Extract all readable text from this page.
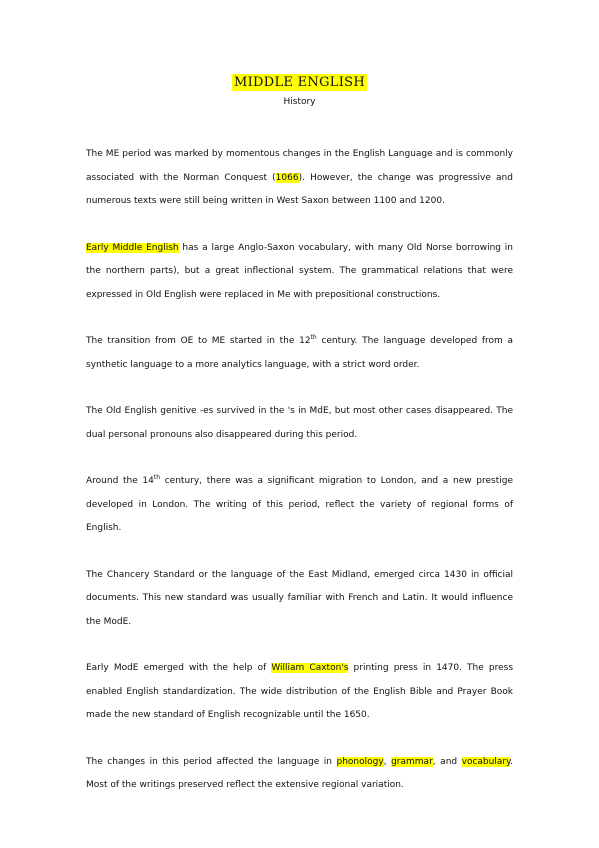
MIDDLE ENGLISH
History

The ME period was marked by momentous changes in the English Language and is commonly associated with the Norman Conquest (1066). However, the change was progressive and numerous texts were still being written in West Saxon between 1100 and 1200.

Early Middle English has a large Anglo-Saxon vocabulary, with many Old Norse borrowing in the northern parts), but a great inflectional system. The grammatical relations that were expressed in Old English were replaced in Me with prepositional constructions.

The transition from OE to ME started in the 12th century. The language developed from a synthetic language to a more analytics language, with a strict word order.

The Old English genitive -es survived in the 's in MdE, but most other cases disappeared. The dual personal pronouns also disappeared during this period.

Around the 14th century, there was a significant migration to London, and a new prestige developed in London. The writing of this period, reflect the variety of regional forms of English.

The Chancery Standard or the language of the East Midland, emerged circa 1430 in official documents. This new standard was usually familiar with French and Latin. It would influence the ModE.

Early ModE emerged with the help of William Caxton's printing press in 1470. The press enabled English standardization. The wide distribution of the English Bible and Prayer Book made the new standard of English recognizable until the 1650.

The changes in this period affected the language in phonology, grammar, and vocabulary. Most of the writings preserved reflect the extensive regional variation.
